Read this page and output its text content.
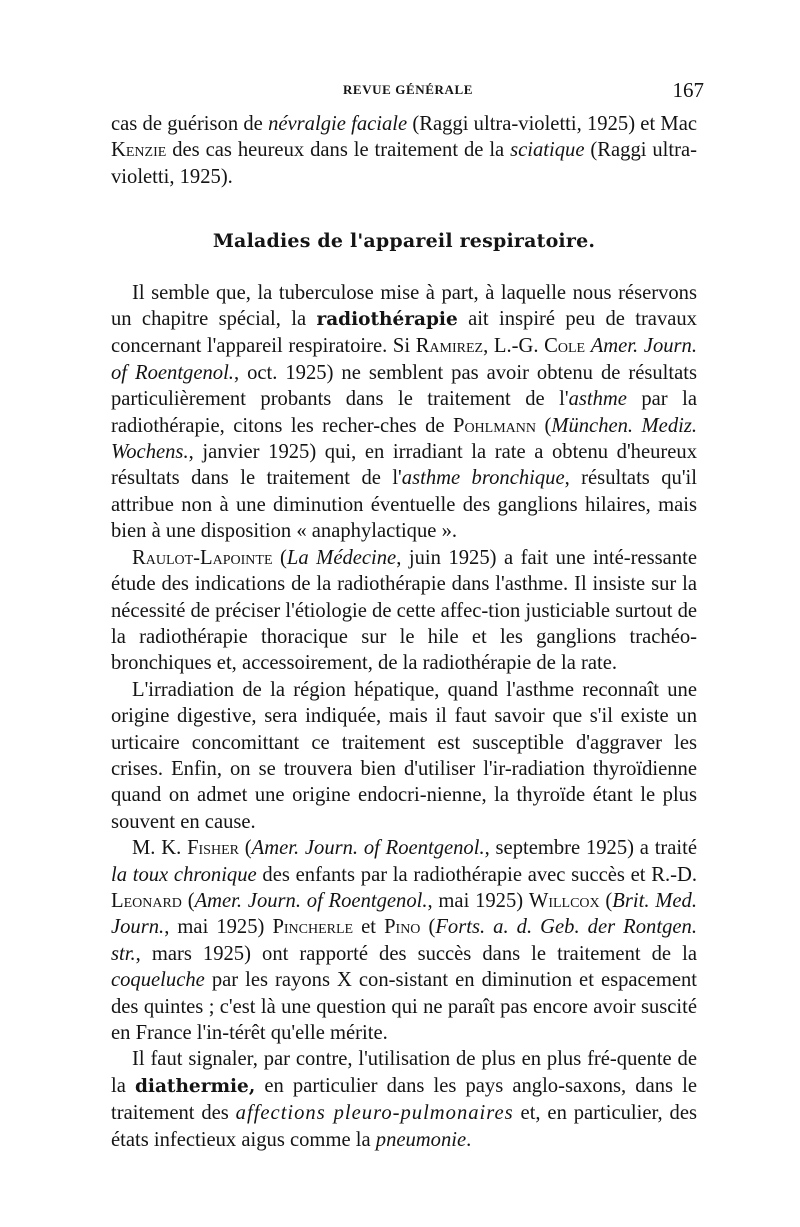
REVUE GÉNÉRALE	167

cas de guérison de névralgie faciale (Raggi ultra-violetti, 1925) et Mac Kenzie des cas heureux dans le traitement de la sciatique (Raggi ultra-violetti, 1925).

Maladies de l'appareil respiratoire.

Il semble que, la tuberculose mise à part, à laquelle nous réservons un chapitre spécial, la radiothérapie ait inspiré peu de travaux concernant l'appareil respiratoire. Si Ramirez, L.-G. Cole Amer. Journ. of Roentgenol., oct. 1925) ne semblent pas avoir obtenu de résultats particulièrement probants dans le traitement de l'asthme par la radiothérapie, citons les recher-ches de Pohlmann (München. Mediz. Wochens., janvier 1925) qui, en irradiant la rate a obtenu d'heureux résultats dans le traitement de l'asthme bronchique, résultats qu'il attribue non à une diminution éventuelle des ganglions hilaires, mais bien à une disposition « anaphylactique ».

Raulot-Lapointe (La Médecine, juin 1925) a fait une inté-ressante étude des indications de la radiothérapie dans l'asthme. Il insiste sur la nécessité de préciser l'étiologie de cette affec-tion justiciable surtout de la radiothérapie thoracique sur le hile et les ganglions trachéo-bronchiques et, accessoirement, de la radiothérapie de la rate.

L'irradiation de la région hépatique, quand l'asthme reconnaît une origine digestive, sera indiquée, mais il faut savoir que s'il existe un urticaire concomittant ce traitement est susceptible d'aggraver les crises. Enfin, on se trouvera bien d'utiliser l'ir-radiation thyroïdienne quand on admet une origine endocri-nienne, la thyroïde étant le plus souvent en cause.

M. K. Fisher (Amer. Journ. of Roentgenol., septembre 1925) a traité la toux chronique des enfants par la radiothérapie avec succès et R.-D. Leonard (Amer. Journ. of Roentgenol., mai 1925) Willcox (Brit. Med. Journ., mai 1925) Pincherle et Pino (Forts. a. d. Geb. der Rontgen. str., mars 1925) ont rapporté des succès dans le traitement de la coqueluche par les rayons X con-sistant en diminution et espacement des quintes ; c'est là une question qui ne paraît pas encore avoir suscité en France l'in-térêt qu'elle mérite.

Il faut signaler, par contre, l'utilisation de plus en plus fré-quente de la diathermie, en particulier dans les pays anglo-saxons, dans le traitement des affections pleuro-pulmonaires et, en particulier, des états infectieux aigus comme la pneumonie.
